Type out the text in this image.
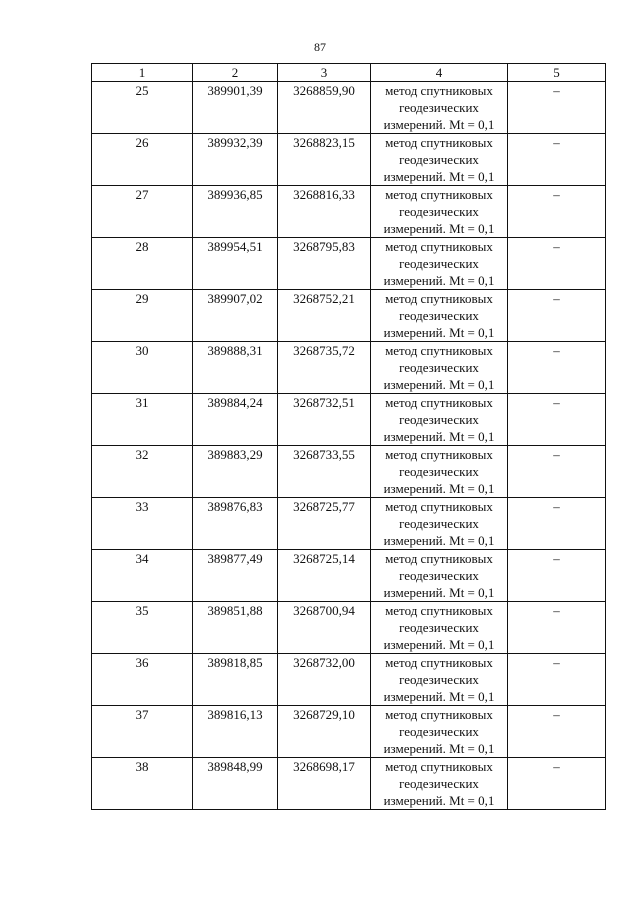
87
1	2	3	4	5
25	389901,39	3268859,90	метод спутниковых
геодезических
измерений. Mt = 0,1	–
26	389932,39	3268823,15	метод спутниковых
геодезических
измерений. Mt = 0,1	–
27	389936,85	3268816,33	метод спутниковых
геодезических
измерений. Mt = 0,1	–
28	389954,51	3268795,83	метод спутниковых
геодезических
измерений. Mt = 0,1	–
29	389907,02	3268752,21	метод спутниковых
геодезических
измерений. Mt = 0,1	–
30	389888,31	3268735,72	метод спутниковых
геодезических
измерений. Mt = 0,1	–
31	389884,24	3268732,51	метод спутниковых
геодезических
измерений. Mt = 0,1	–
32	389883,29	3268733,55	метод спутниковых
геодезических
измерений. Mt = 0,1	–
33	389876,83	3268725,77	метод спутниковых
геодезических
измерений. Mt = 0,1	–
34	389877,49	3268725,14	метод спутниковых
геодезических
измерений. Mt = 0,1	–
35	389851,88	3268700,94	метод спутниковых
геодезических
измерений. Mt = 0,1	–
36	389818,85	3268732,00	метод спутниковых
геодезических
измерений. Mt = 0,1	–
37	389816,13	3268729,10	метод спутниковых
геодезических
измерений. Mt = 0,1	–
38	389848,99	3268698,17	метод спутниковых
геодезических
измерений. Mt = 0,1	–
